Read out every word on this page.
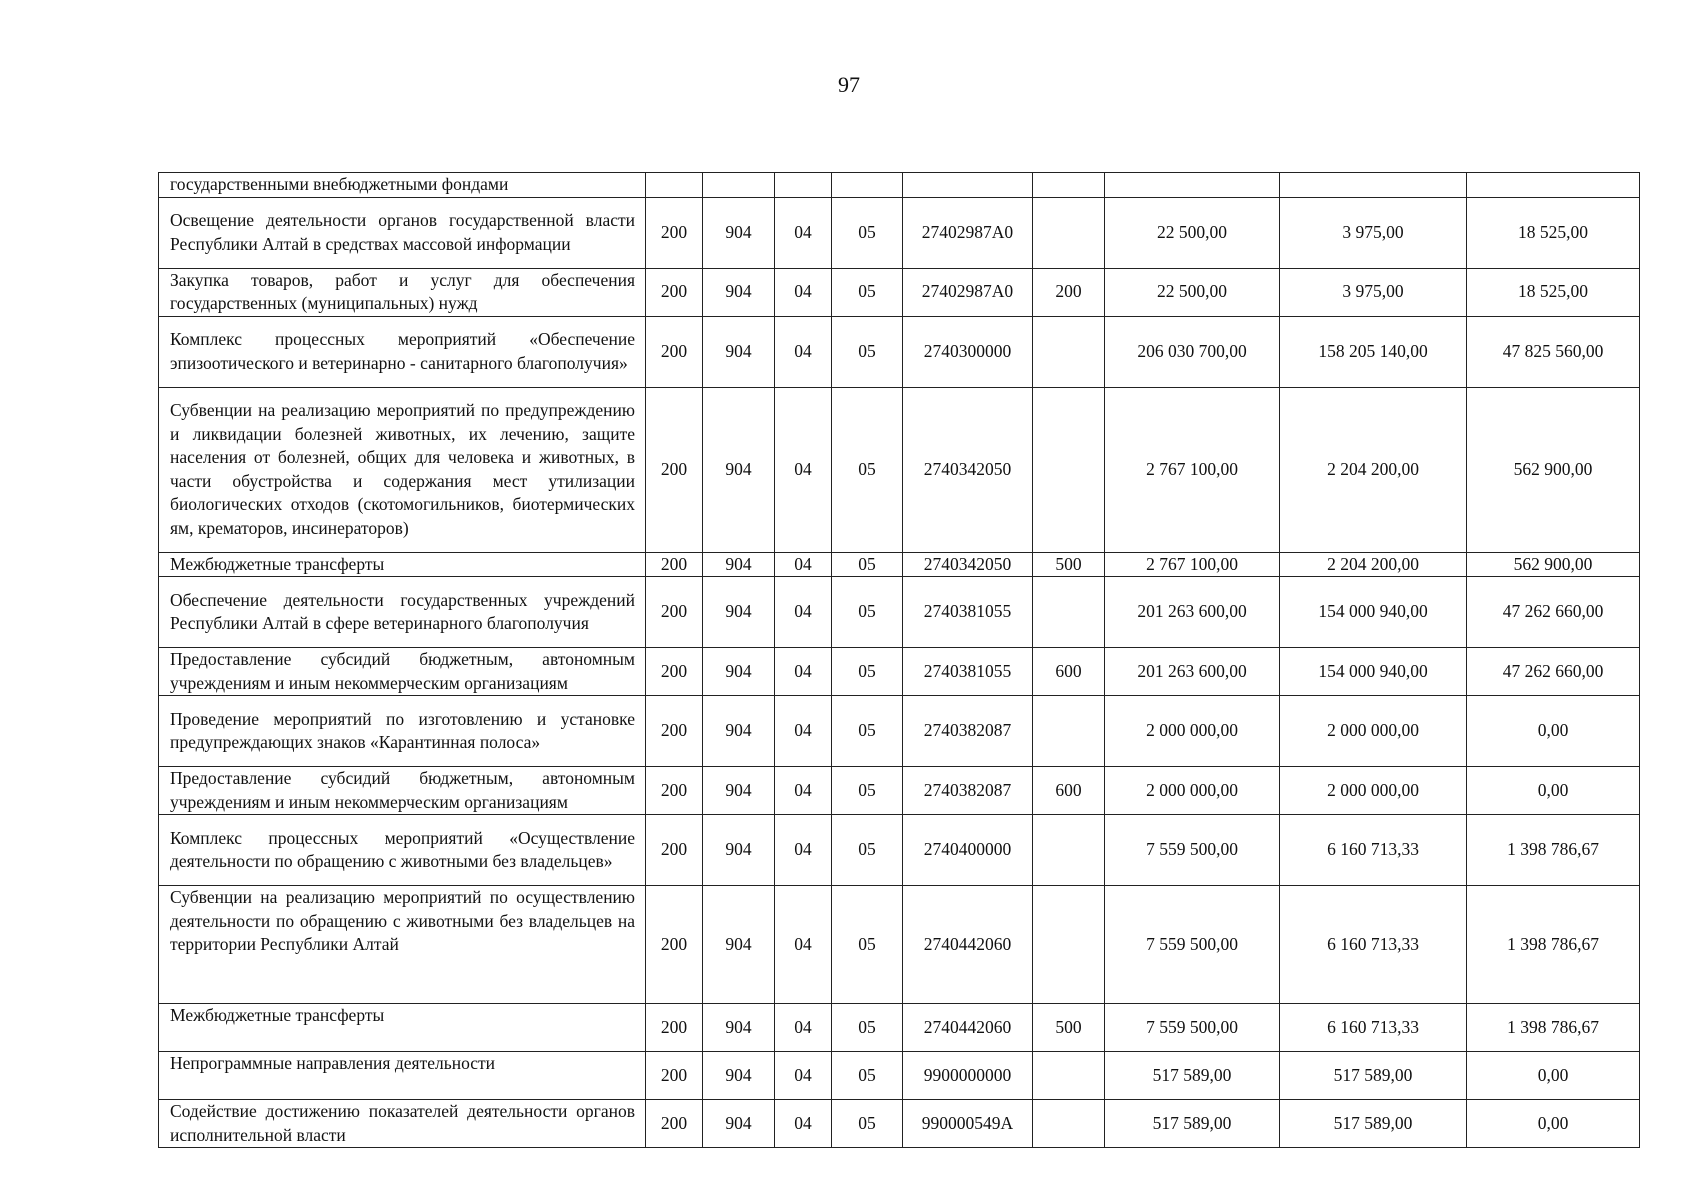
97
государственными внебюджетными фондами									
Освещение деятельности органов государственной власти Республики Алтай в средствах массовой информации	200	904	04	05	27402987А0		22 500,00	3 975,00	18 525,00
Закупка товаров, работ и услуг для обеспечения государственных (муниципальных) нужд	200	904	04	05	27402987А0	200	22 500,00	3 975,00	18 525,00
Комплекс процессных мероприятий «Обеспечение эпизоотического и ветеринарно - санитарного благополучия»	200	904	04	05	2740300000		206 030 700,00	158 205 140,00	47 825 560,00
Субвенции на реализацию мероприятий по предупреждению и ликвидации болезней животных, их лечению, защите населения от болезней, общих для человека и животных, в части обустройства и содержания мест утилизации биологических отходов (скотомогильников, биотермических ям, крематоров, инсинераторов)	200	904	04	05	2740342050		2 767 100,00	2 204 200,00	562 900,00
Межбюджетные трансферты	200	904	04	05	2740342050	500	2 767 100,00	2 204 200,00	562 900,00
Обеспечение деятельности государственных учреждений Республики Алтай в сфере ветеринарного благополучия	200	904	04	05	2740381055		201 263 600,00	154 000 940,00	47 262 660,00
Предоставление субсидий бюджетным, автономным учреждениям и иным некоммерческим организациям	200	904	04	05	2740381055	600	201 263 600,00	154 000 940,00	47 262 660,00
Проведение мероприятий по изготовлению и установке предупреждающих знаков «Карантинная полоса»	200	904	04	05	2740382087		2 000 000,00	2 000 000,00	0,00
Предоставление субсидий бюджетным, автономным учреждениям и иным некоммерческим организациям	200	904	04	05	2740382087	600	2 000 000,00	2 000 000,00	0,00
Комплекс процессных мероприятий «Осуществление деятельности по обращению с животными без владельцев»	200	904	04	05	2740400000		7 559 500,00	6 160 713,33	1 398 786,67
Субвенции на реализацию мероприятий по осуществлению деятельности по обращению с животными без владельцев на территории Республики Алтай	200	904	04	05	2740442060		7 559 500,00	6 160 713,33	1 398 786,67
Межбюджетные трансферты	200	904	04	05	2740442060	500	7 559 500,00	6 160 713,33	1 398 786,67
Непрограммные направления деятельности	200	904	04	05	9900000000		517 589,00	517 589,00	0,00
Содействие достижению показателей деятельности органов исполнительной власти	200	904	04	05	990000549А		517 589,00	517 589,00	0,00
